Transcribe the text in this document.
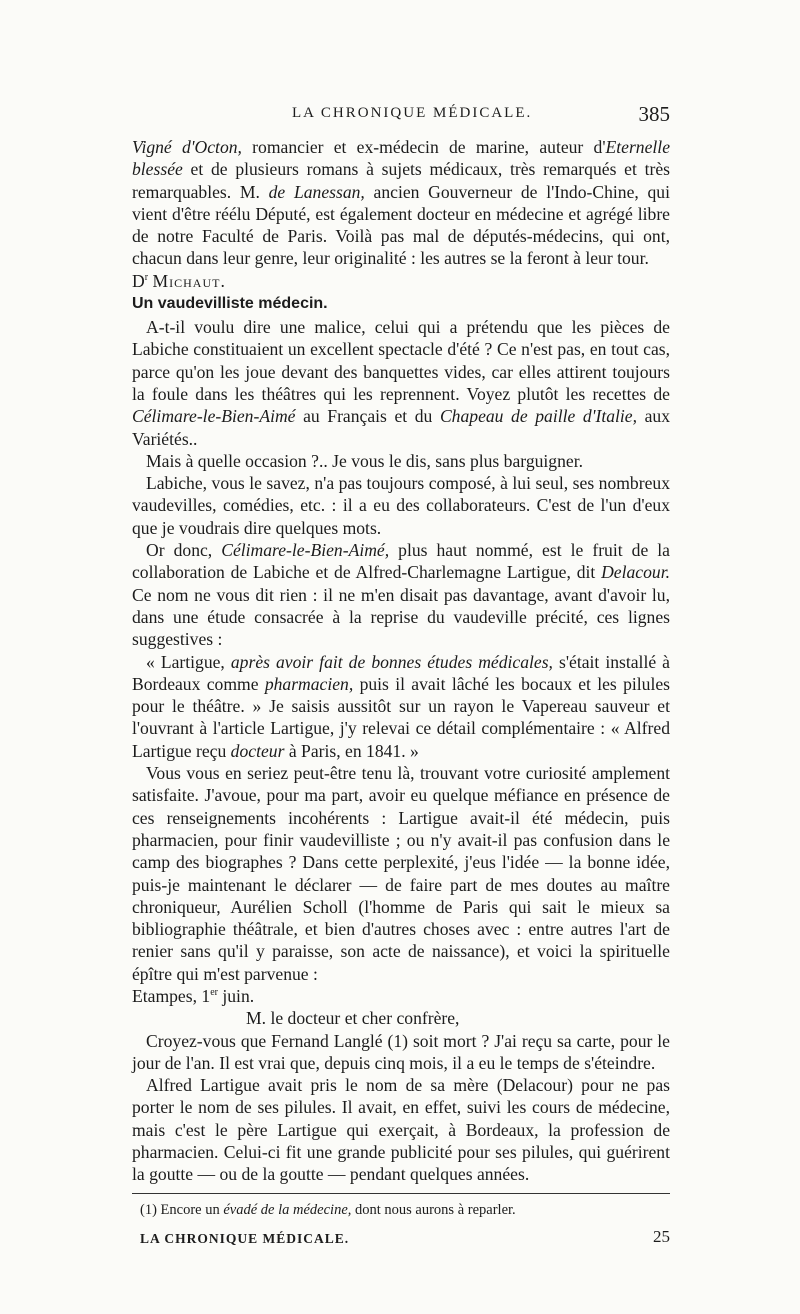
LA CHRONIQUE MÉDICALE.	385

Vigné d'Octon, romancier et ex-médecin de marine, auteur d'Eternelle blessée et de plusieurs romans à sujets médicaux, très remarqués et très remarquables. M. de Lanessan, ancien Gouverneur de l'Indo-Chine, qui vient d'être réélu Député, est également docteur en médecine et agrégé libre de notre Faculté de Paris. Voilà pas mal de députés-médecins, qui ont, chacun dans leur genre, leur originalité : les autres se la feront à leur tour.

$D^r$ Michaut.

Un vaudevilliste médecin.

A-t-il voulu dire une malice, celui qui a prétendu que les pièces de Labiche constituaient un excellent spectacle d'été ? Ce n'est pas, en tout cas, parce qu'on les joue devant des banquettes vides, car elles attirent toujours la foule dans les théâtres qui les reprennent. Voyez plutôt les recettes de Célimare-le-Bien-Aimé au Français et du Chapeau de paille d'Italie, aux Variétés..

Mais à quelle occasion ?.. Je vous le dis, sans plus barguigner.

Labiche, vous le savez, n'a pas toujours composé, à lui seul, ses nombreux vaudevilles, comédies, etc. : il a eu des collaborateurs. C'est de l'un d'eux que je voudrais dire quelques mots.

Or donc, Célimare-le-Bien-Aimé, plus haut nommé, est le fruit de la collaboration de Labiche et de Alfred-Charlemagne Lartigue, dit Delacour. Ce nom ne vous dit rien : il ne m'en disait pas davantage, avant d'avoir lu, dans une étude consacrée à la reprise du vaudeville précité, ces lignes suggestives :

« Lartigue, après avoir fait de bonnes études médicales, s'était installé à Bordeaux comme pharmacien, puis il avait lâché les bocaux et les pilules pour le théâtre. » Je saisis aussitôt sur un rayon le Vapereau sauveur et l'ouvrant à l'article Lartigue, j'y relevai ce détail complémentaire : « Alfred Lartigue reçu docteur à Paris, en 1841. »

Vous vous en seriez peut-être tenu là, trouvant votre curiosité amplement satisfaite. J'avoue, pour ma part, avoir eu quelque méfiance en présence de ces renseignements incohérents : Lartigue avait-il été médecin, puis pharmacien, pour finir vaudevilliste ; ou n'y avait-il pas confusion dans le camp des biographes ? Dans cette perplexité, j'eus l'idée — la bonne idée, puis-je maintenant le déclarer — de faire part de mes doutes au maître chroniqueur, Aurélien Scholl (l'homme de Paris qui sait le mieux sa bibliographie théâtrale, et bien d'autres choses avec : entre autres l'art de renier sans qu'il y paraisse, son acte de naissance), et voici la spirituelle épître qui m'est parvenue :

Etampes, 1er juin.

M. le docteur et cher confrère,

Croyez-vous que Fernand Langlé (1) soit mort ? J'ai reçu sa carte, pour le jour de l'an. Il est vrai que, depuis cinq mois, il a eu le temps de s'éteindre.

Alfred Lartigue avait pris le nom de sa mère (Delacour) pour ne pas porter le nom de ses pilules. Il avait, en effet, suivi les cours de médecine, mais c'est le père Lartigue qui exerçait, à Bordeaux, la profession de pharmacien. Celui-ci fit une grande publicité pour ses pilules, qui guérirent la goutte — ou de la goutte — pendant quelques années.

(1) Encore un évadé de la médecine, dont nous aurons à reparler.

LA CHRONIQUE MÉDICALE.	25
